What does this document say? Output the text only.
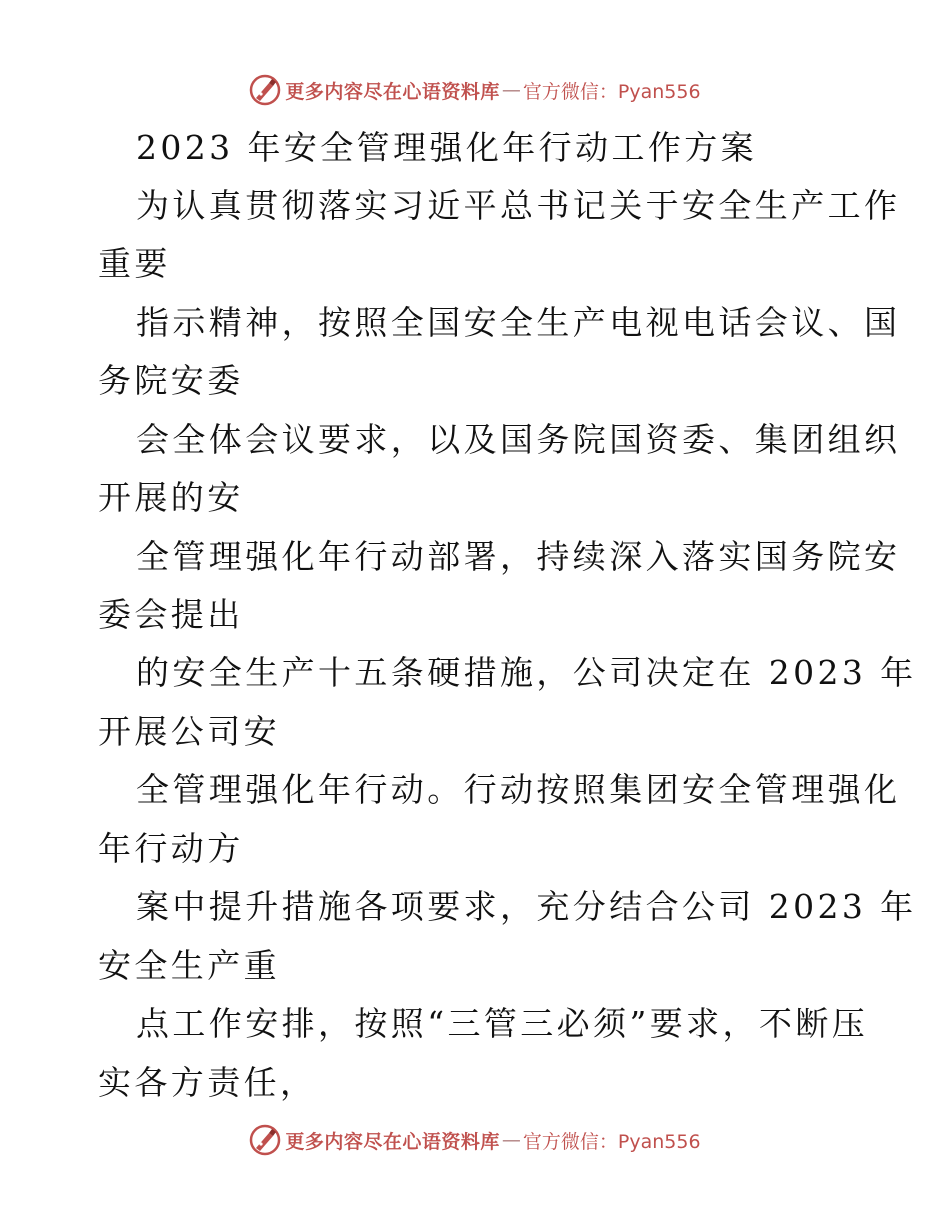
更多内容尽在心语资料库 — 官方微信：Pyan556
2023 年安全管理强化年行动工作方案
为认真贯彻落实习近平总书记关于安全生产工作
重要
指示精神，按照全国安全生产电视电话会议、国
务院安委
会全体会议要求，以及国务院国资委、集团组织
开展的安
全管理强化年行动部署，持续深入落实国务院安
委会提出
的安全生产十五条硬措施，公司决定在 2023 年
开展公司安
全管理强化年行动。行动按照集团安全管理强化
年行动方
案中提升措施各项要求，充分结合公司 2023 年
安全生产重
点工作安排，按照“三管三必须”要求，不断压
实各方责任，
更多内容尽在心语资料库 — 官方微信：Pyan556
